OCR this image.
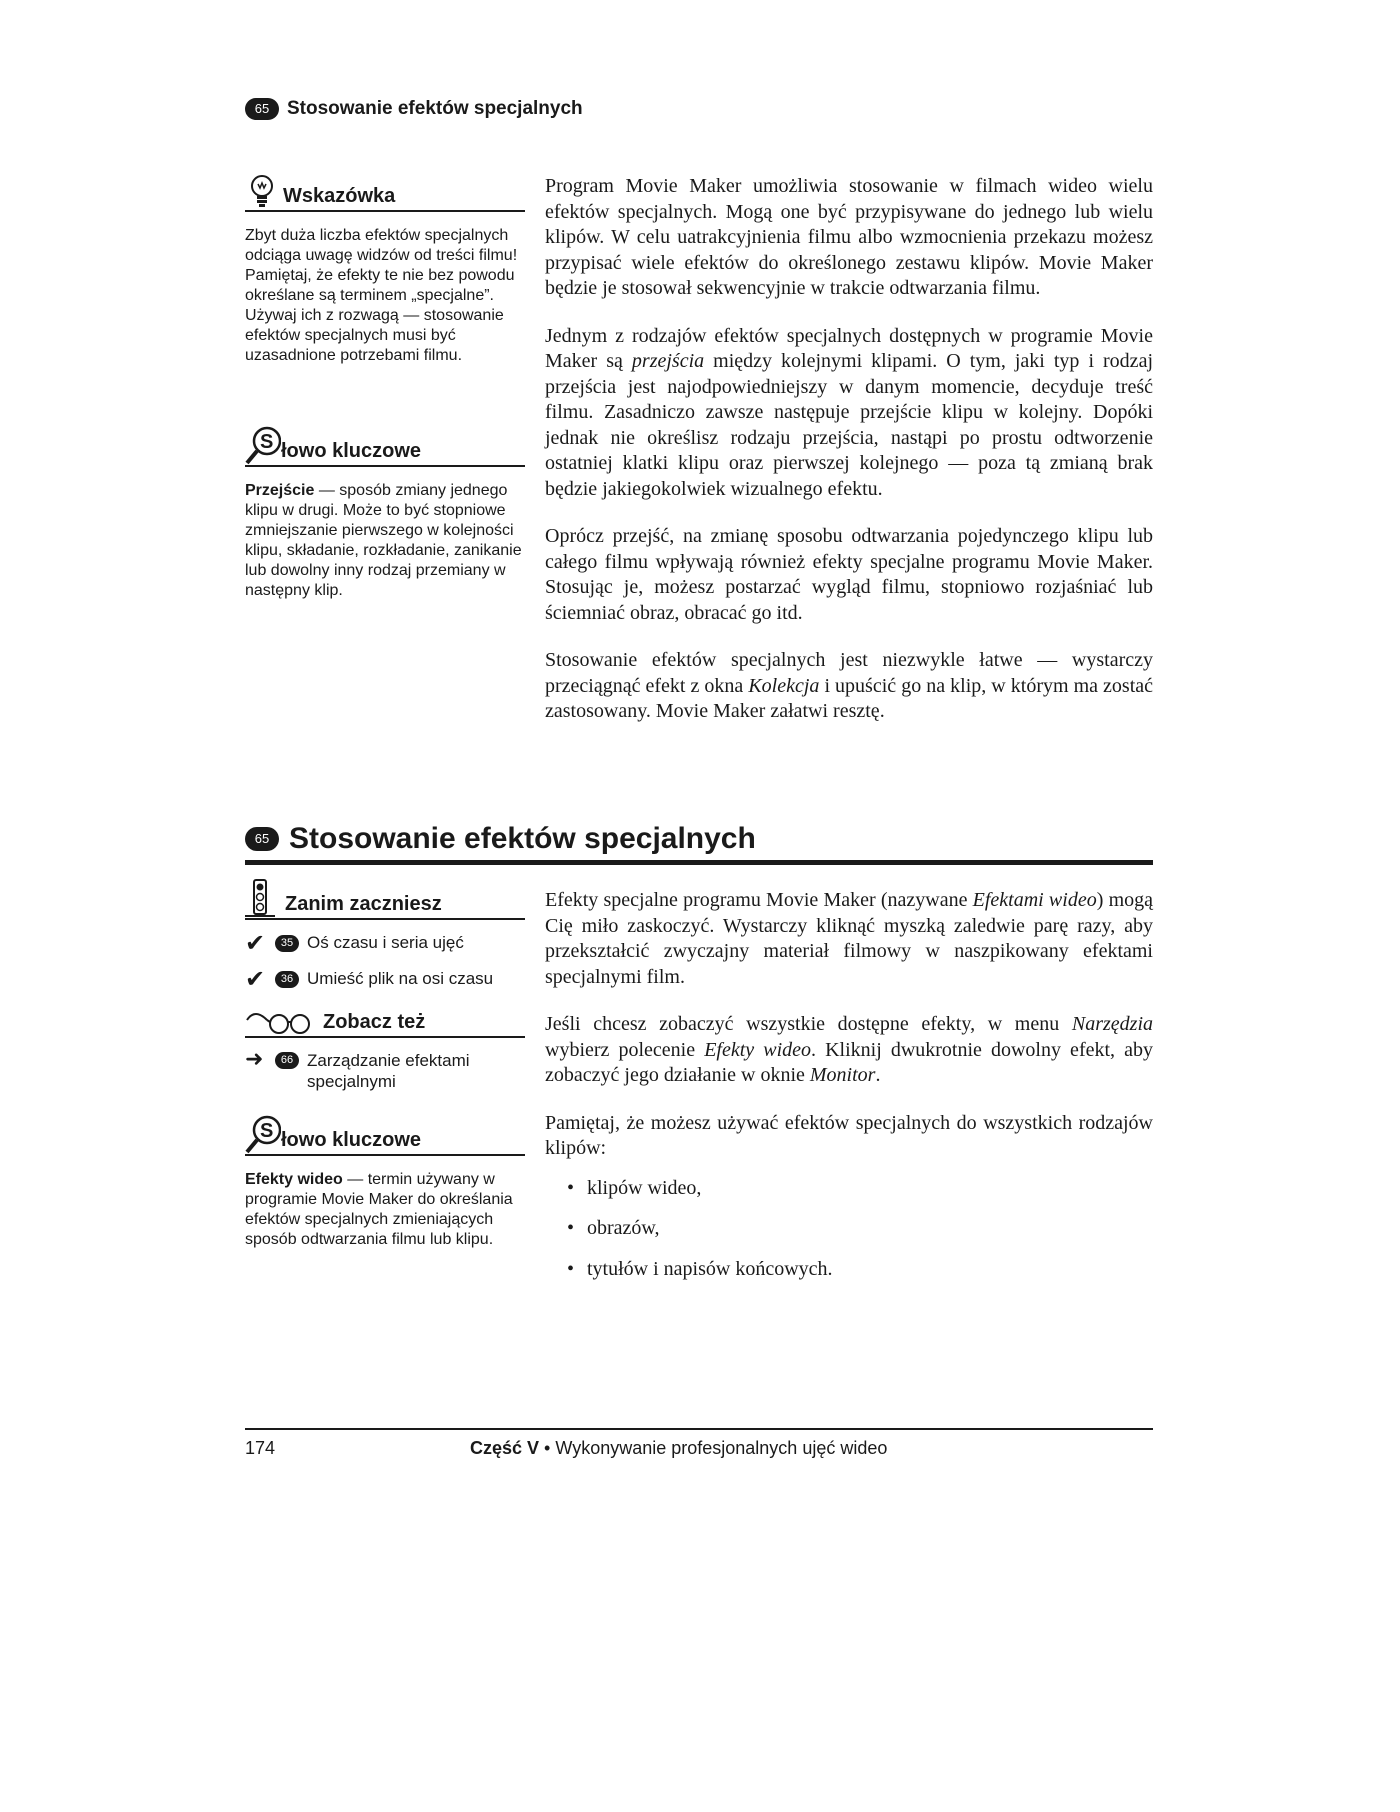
65 Stosowanie efektów specjalnych
Wskazówka
Zbyt duża liczba efektów specjalnych odciąga uwagę widzów od treści filmu! Pamiętaj, że efekty te nie bez powodu określane są terminem „specjalne”. Używaj ich z rozwagą — stosowanie efektów specjalnych musi być uzasadnione potrzebami filmu.
S łowo kluczowe
Przejście — sposób zmiany jednego klipu w drugi. Może to być stopniowe zmniejszanie pierwszego w kolejności klipu, składanie, rozkładanie, zanikanie lub dowolny inny rodzaj przemiany w następny klip.

Program Movie Maker umożliwia stosowanie w filmach wideo wielu efektów specjalnych. Mogą one być przypisywane do jednego lub wielu klipów. W celu uatrakcyjnienia filmu albo wzmocnienia przekazu możesz przypisać wiele efektów do określonego zestawu klipów. Movie Maker będzie je stosował sekwencyjnie w trakcie odtwarzania filmu.

Jednym z rodzajów efektów specjalnych dostępnych w programie Movie Maker są przejścia między kolejnymi klipami. O tym, jaki typ i rodzaj przejścia jest najodpowiedniejszy w danym momencie, decyduje treść filmu. Zasadniczo zawsze następuje przejście klipu w kolejny. Dopóki jednak nie określisz rodzaju przejścia, nastąpi po prostu odtworzenie ostatniej klatki klipu oraz pierwszej kolejnego — poza tą zmianą brak będzie jakiegokolwiek wizualnego efektu.

Oprócz przejść, na zmianę sposobu odtwarzania pojedynczego klipu lub całego filmu wpływają również efekty specjalne programu Movie Maker. Stosując je, możesz postarzać wygląd filmu, stopniowo rozjaśniać lub ściemniać obraz, obracać go itd.

Stosowanie efektów specjalnych jest niezwykle łatwe — wystarczy przeciągnąć efekt z okna Kolekcja i upuścić go na klip, w którym ma zostać zastosowany. Movie Maker załatwi resztę.

65 Stosowanie efektów specjalnych
Zanim zaczniesz
✔	35 Oś czasu i seria ujęć
✔	36 Umieść plik na osi czasu
Zobacz też
➜	66 Zarządzanie efektami specjalnymi
S łowo kluczowe
Efekty wideo — termin używany w programie Movie Maker do określania efektów specjalnych zmieniających sposób odtwarzania filmu lub klipu.

Efekty specjalne programu Movie Maker (nazywane Efektami wideo) mogą Cię miło zaskoczyć. Wystarczy kliknąć myszką zaledwie parę razy, aby przekształcić zwyczajny materiał filmowy w naszpikowany efektami specjalnymi film.

Jeśli chcesz zobaczyć wszystkie dostępne efekty, w menu Narzędzia wybierz polecenie Efekty wideo. Kliknij dwukrotnie dowolny efekt, aby zobaczyć jego działanie w oknie Monitor.

Pamiętaj, że możesz używać efektów specjalnych do wszystkich rodzajów klipów:

• klipów wideo,
• obrazów,
• tytułów i napisów końcowych.
174	Część V • Wykonywanie profesjonalnych ujęć wideo
